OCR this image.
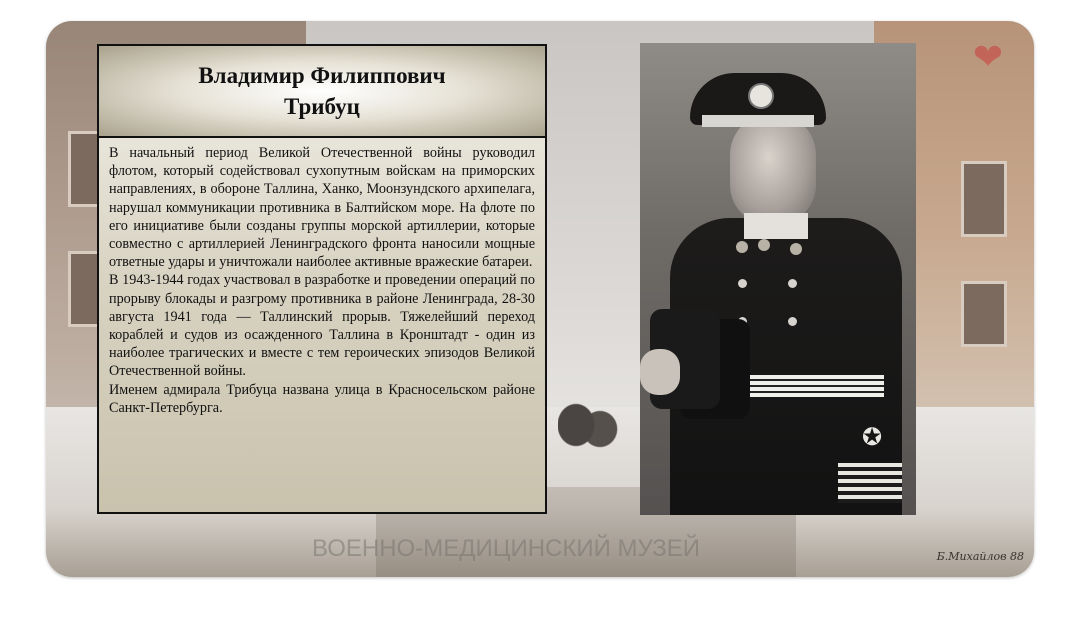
❤
Владимир Филиппович
Трибуц

В начальный период Великой Отечественной войны руководил флотом, который содействовал сухопутным войскам на приморских направлениях, в обороне Таллина, Ханко, Моонзундского архипелага, нарушал коммуникации противника в Балтийском море. На флоте по его инициативе были созданы группы морской артиллерии, которые совместно с артиллерией Ленинградского фронта наносили мощные ответные удары и уничтожали наиболее активные вражеские батареи.

В 1943-1944 годах участвовал в разработке и проведении операций по прорыву блокады и разгрому противника в районе Ленинграда, 28-30 августа 1941 года — Таллинский прорыв. Тяжелейший переход кораблей и судов из осажденного Таллина в Кронштадт - один из наиболее трагических и вместе с тем героических эпизодов Великой Отечественной войны.

Именем адмирала Трибуца названа улица в Красносельском районе Санкт-Петербурга.

✪
ВОЕННО-МЕДИЦИНСКИЙ МУЗЕЙ	Б.Михайлов 88
